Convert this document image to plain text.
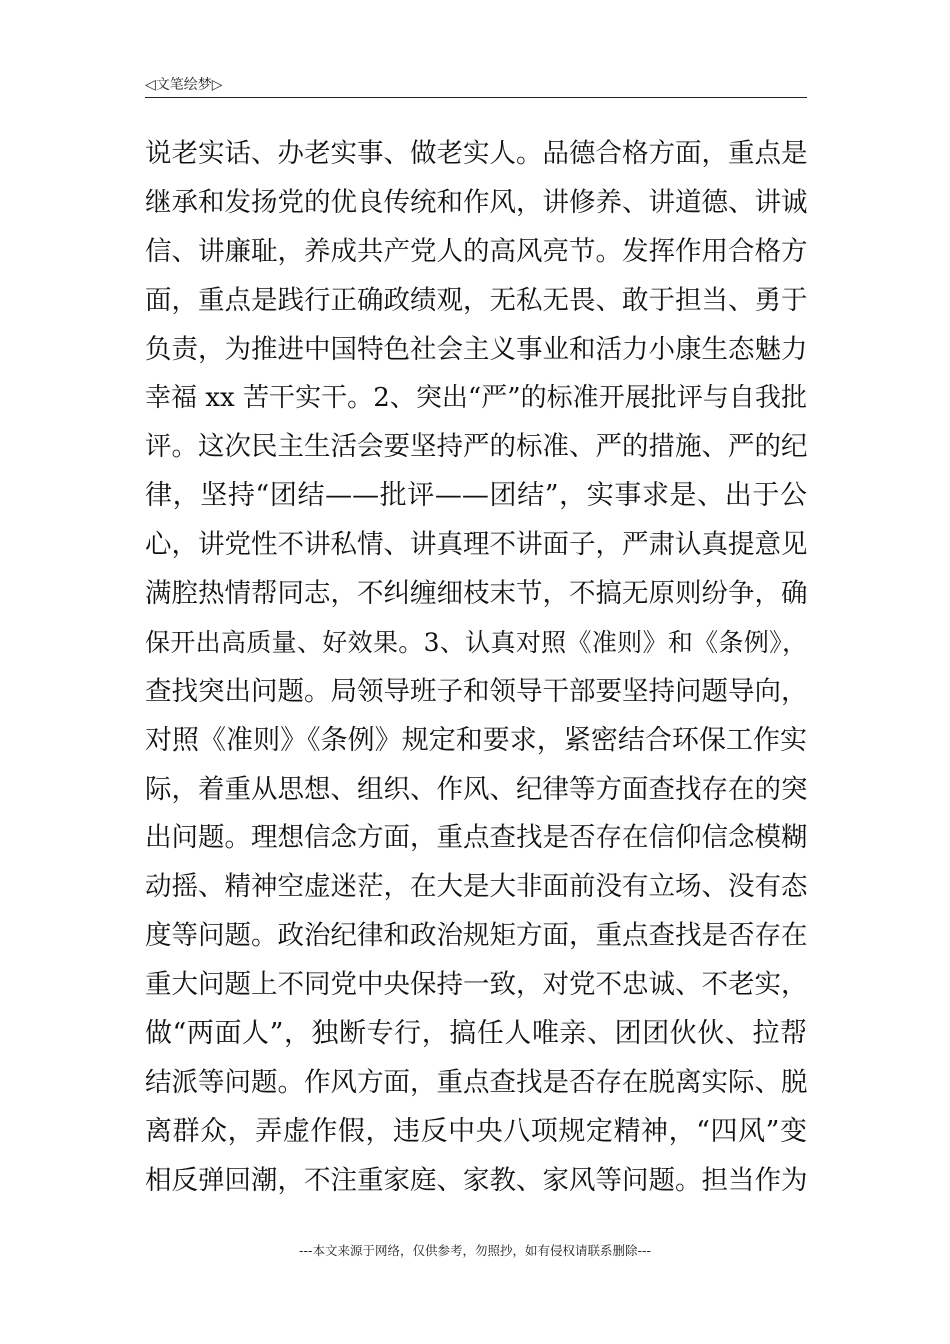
◁文笔绘梦▷
说老实话、办老实事、做老实人。品德合格方面，重点是
继承和发扬党的优良传统和作风，讲修养、讲道德、讲诚
信、讲廉耻，养成共产党人的高风亮节。发挥作用合格方
面，重点是践行正确政绩观，无私无畏、敢于担当、勇于
负责，为推进中国特色社会主义事业和活力小康生态魅力
幸福 xx 苦干实干。2、突出“严”的标准开展批评与自我批
评。这次民主生活会要坚持严的标准、严的措施、严的纪
律，坚持“团结——批评——团结”，实事求是、出于公
心，讲党性不讲私情、讲真理不讲面子，严肃认真提意见
满腔热情帮同志，不纠缠细枝末节，不搞无原则纷争，确
保开出高质量、好效果。3、认真对照《准则》和《条例》，
查找突出问题。局领导班子和领导干部要坚持问题导向，
对照《准则》《条例》规定和要求，紧密结合环保工作实
际，着重从思想、组织、作风、纪律等方面查找存在的突
出问题。理想信念方面，重点查找是否存在信仰信念模糊
动摇、精神空虚迷茫，在大是大非面前没有立场、没有态
度等问题。政治纪律和政治规矩方面，重点查找是否存在
重大问题上不同党中央保持一致，对党不忠诚、不老实，
做“两面人”，独断专行，搞任人唯亲、团团伙伙、拉帮
结派等问题。作风方面，重点查找是否存在脱离实际、脱
离群众，弄虚作假，违反中央八项规定精神，“四风”变
相反弹回潮，不注重家庭、家教、家风等问题。担当作为
---本文来源于网络，仅供参考，勿照抄，如有侵权请联系删除---
